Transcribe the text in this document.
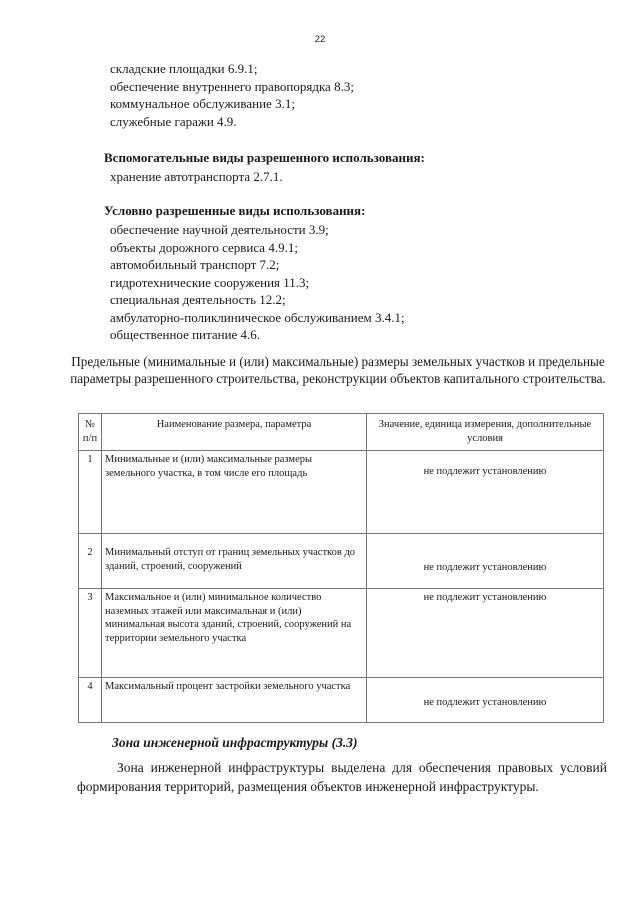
22
складские площадки 6.9.1;
обеспечение внутреннего правопорядка 8.3;
коммунальное обслуживание 3.1;
служебные гаражи 4.9.

Вспомогательные виды разрешенного использования:

хранение автотранспорта 2.7.1.

Условно разрешенные виды использования:

обеспечение научной деятельности 3.9;
объекты дорожного сервиса 4.9.1;
автомобильный транспорт 7.2;
гидротехнические сооружения 11.3;
специальная деятельность 12.2;
амбулаторно-поликлиническое обслуживанием 3.4.1;
общественное питание 4.6.

Предельные (минимальные и (или) максимальные) размеры земельных участков и предельные параметры разрешенного строительства, реконструкции объектов капитального строительства.

№ п/п	Наименование размера, параметра	Значение, единица измерения, дополнительные условия
1	Минимальные и (или) максимальные размеры земельного участка, в том числе его площадь	не подлежит установлению

2	Минимальный отступ от границ земельных участков до зданий, строений, сооружений	не подлежит установлению

3	Максимальное и (или) минимальное количество наземных этажей или максимальная и (или) минимальная высота зданий, строений, сооружений на территории земельного участка	не подлежит установлению

4	Максимальный процент застройки земельного участка	не подлежит установлению

Зона инженерной инфраструктуры (3.3)

Зона инженерной инфраструктуры выделена для обеспечения правовых условий формирования территорий, размещения объектов инженерной инфраструктуры.
